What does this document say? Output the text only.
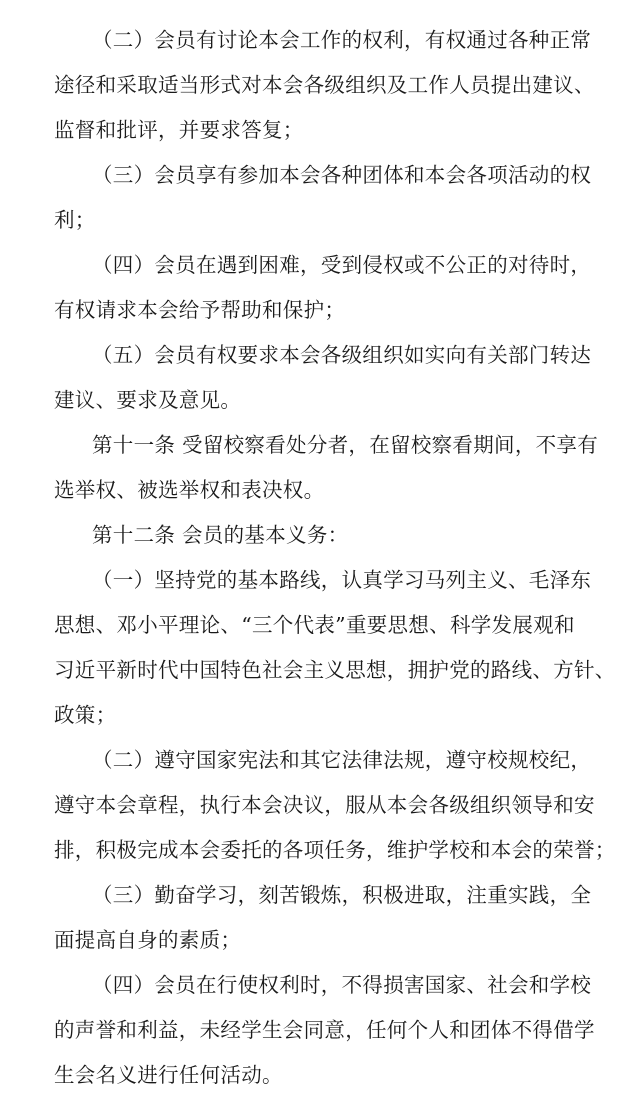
（二）会员有讨论本会工作的权利，有权通过各种正常
途径和采取适当形式对本会各级组织及工作人员提出建议、
监督和批评，并要求答复；
（三）会员享有参加本会各种团体和本会各项活动的权
利；
（四）会员在遇到困难，受到侵权或不公正的对待时，
有权请求本会给予帮助和保护；
（五）会员有权要求本会各级组织如实向有关部门转达
建议、要求及意见。
第十一条 受留校察看处分者，在留校察看期间，不享有
选举权、被选举权和表决权。
第十二条 会员的基本义务：
（一）坚持党的基本路线，认真学习马列主义、毛泽东
思想、邓小平理论、“三个代表”重要思想、科学发展观和
习近平新时代中国特色社会主义思想，拥护党的路线、方针、
政策；
（二）遵守国家宪法和其它法律法规，遵守校规校纪，
遵守本会章程，执行本会决议，服从本会各级组织领导和安
排，积极完成本会委托的各项任务，维护学校和本会的荣誉；
（三）勤奋学习，刻苦锻炼，积极进取，注重实践，全
面提高自身的素质；
（四）会员在行使权利时，不得损害国家、社会和学校
的声誉和利益，未经学生会同意，任何个人和团体不得借学
生会名义进行任何活动。
